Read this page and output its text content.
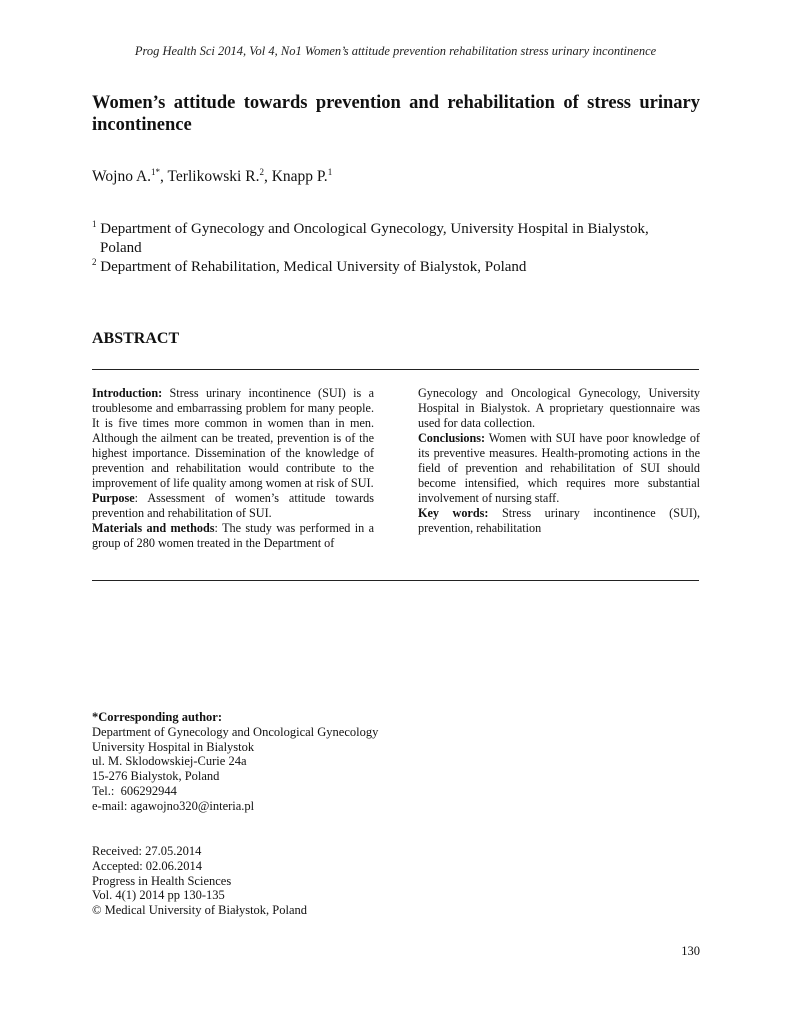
Prog Health Sci 2014, Vol 4, No1 Women’s attitude prevention rehabilitation stress urinary incontinence
Women’s attitude towards prevention and rehabilitation of stress urinary incontinence
Wojno A.$^{1*}$, Terlikowski R.$^2$, Knapp P.$^1$
$^1$ Department of Gynecology and Oncological Gynecology, University Hospital in Bialystok,
Poland
$^2$ Department of Rehabilitation, Medical University of Bialystok, Poland
ABSTRACT

Introduction: Stress urinary incontinence (SUI) is a troublesome and embarrassing problem for many people. It is five times more common in women than in men. Although the ailment can be treated, prevention is of the highest importance. Dissemination of the knowledge of prevention and rehabilitation would contribute to the improvement of life quality among women at risk of SUI.

Purpose: Assessment of women’s attitude towards prevention and rehabilitation of SUI.

Materials and methods: The study was performed in a group of 280 women treated in the Department of

Gynecology and Oncological Gynecology, University Hospital in Bialystok. A proprietary questionnaire was used for data collection.

Conclusions: Women with SUI have poor knowledge of its preventive measures. Health-promoting actions in the field of prevention and rehabilitation of SUI should become intensified, which requires more substantial involvement of nursing staff.

Key words: Stress urinary incontinence (SUI), prevention, rehabilitation

*Corresponding author:
Department of Gynecology and Oncological Gynecology
University Hospital in Bialystok
ul. M. Sklodowskiej-Curie 24a
15-276 Bialystok, Poland
Tel.:  606292944
e-mail: agawojno320@interia.pl
Received: 27.05.2014
Accepted: 02.06.2014
Progress in Health Sciences
Vol. 4(1) 2014 pp 130-135
© Medical University of Białystok, Poland
130
